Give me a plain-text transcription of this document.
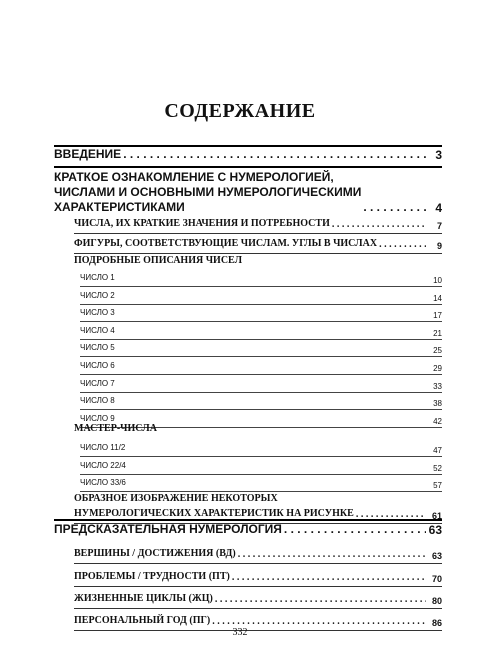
СОДЕРЖАНИЕ
ВВЕДЕНИЕ . . .	3
КРАТКОЕ ОЗНАКОМЛЕНИЕ С НУМЕРОЛОГИЕЙ,
ЧИСЛАМИ И ОСНОВНЫМИ НУМЕРОЛОГИЧЕСКИМИ
ХАРАКТЕРИСТИКАМИ . . .	4
ЧИСЛА, ИХ КРАТКИЕ ЗНАЧЕНИЯ И ПОТРЕБНОСТИ . . .	7
ФИГУРЫ, СООТВЕТСТВУЮЩИЕ ЧИСЛАМ. УГЛЫ В ЧИСЛАХ . . .	9
ПОДРОБНЫЕ ОПИСАНИЯ ЧИСЕЛ
ЧИСЛО 1	10
ЧИСЛО 2	14
ЧИСЛО 3	17
ЧИСЛО 4	21
ЧИСЛО 5	25
ЧИСЛО 6	29
ЧИСЛО 7	33
ЧИСЛО 8	38
ЧИСЛО 9	42
МАСТЕР-ЧИСЛА
ЧИСЛО 11/2	47
ЧИСЛО 22/4	52
ЧИСЛО 33/6	57
ОБРАЗНОЕ ИЗОБРАЖЕНИЕ НЕКОТОРЫХ
НУМЕРОЛОГИЧЕСКИХ ХАРАКТЕРИСТИК НА РИСУНКЕ . . .	61
ПРЕДСКАЗАТЕЛЬНАЯ НУМЕРОЛОГИЯ . . .	63
ВЕРШИНЫ / ДОСТИЖЕНИЯ (ВД) . . .	63
ПРОБЛЕМЫ / ТРУДНОСТИ (ПТ) . . .	70
ЖИЗНЕННЫЕ ЦИКЛЫ (ЖЦ) . . .	80
ПЕРСОНАЛЬНЫЙ ГОД (ПГ) . . .	86
332
